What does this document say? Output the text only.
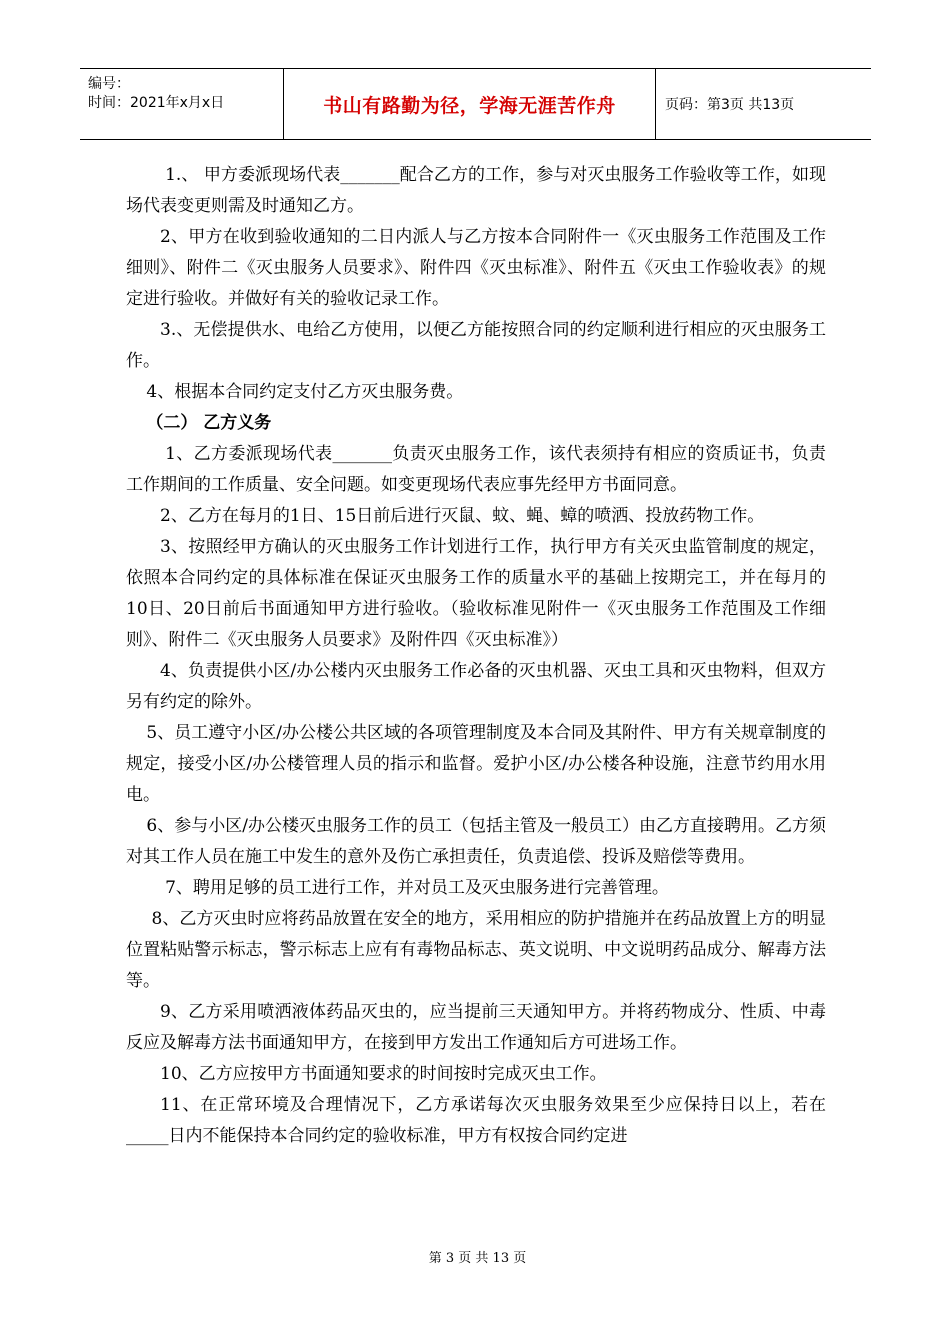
编号：
时间：2021年x月x日	书山有路勤为径，学海无涯苦作舟	页码：第3页 共13页

1.、 甲方委派现场代表_______配合乙方的工作，参与对灭虫服务工作验收等工作，如现场代表变更则需及时通知乙方。

2、甲方在收到验收通知的二日内派人与乙方按本合同附件一《灭虫服务工作范围及工作细则》、附件二《灭虫服务人员要求》、附件四《灭虫标准》、附件五《灭虫工作验收表》的规定进行验收。并做好有关的验收记录工作。

3.、无偿提供水、电给乙方使用，以便乙方能按照合同的约定顺利进行相应的灭虫服务工作。

4、根据本合同约定支付乙方灭虫服务费。

（二） 乙方义务

1、乙方委派现场代表_______负责灭虫服务工作，该代表须持有相应的资质证书，负责工作期间的工作质量、安全问题。如变更现场代表应事先经甲方书面同意。

2、乙方在每月的1日、15日前后进行灭鼠、蚊、蝇、蟑的喷洒、投放药物工作。

3、按照经甲方确认的灭虫服务工作计划进行工作，执行甲方有关灭虫监管制度的规定，依照本合同约定的具体标准在保证灭虫服务工作的质量水平的基础上按期完工，并在每月的10日、20日前后书面通知甲方进行验收。（验收标准见附件一《灭虫服务工作范围及工作细则》、附件二《灭虫服务人员要求》及附件四《灭虫标准》）

4、负责提供小区/办公楼内灭虫服务工作必备的灭虫机器、灭虫工具和灭虫物料，但双方另有约定的除外。

5、员工遵守小区/办公楼公共区域的各项管理制度及本合同及其附件、甲方有关规章制度的规定，接受小区/办公楼管理人员的指示和监督。爱护小区/办公楼各种设施，注意节约用水用电。

6、参与小区/办公楼灭虫服务工作的员工（包括主管及一般员工）由乙方直接聘用。乙方须对其工作人员在施工中发生的意外及伤亡承担责任，负责追偿、投诉及赔偿等费用。

7、聘用足够的员工进行工作，并对员工及灭虫服务进行完善管理。

8、乙方灭虫时应将药品放置在安全的地方，采用相应的防护措施并在药品放置上方的明显位置粘贴警示标志，警示标志上应有有毒物品标志、英文说明、中文说明药品成分、解毒方法等。

9、乙方采用喷洒液体药品灭虫的，应当提前三天通知甲方。并将药物成分、性质、中毒反应及解毒方法书面通知甲方，在接到甲方发出工作通知后方可进场工作。

10、乙方应按甲方书面通知要求的时间按时完成灭虫工作。

11、在正常环境及合理情况下，乙方承诺每次灭虫服务效果至少应保持日以上，若在_____日内不能保持本合同约定的验收标准，甲方有权按合同约定进

第 3 页 共 13 页
